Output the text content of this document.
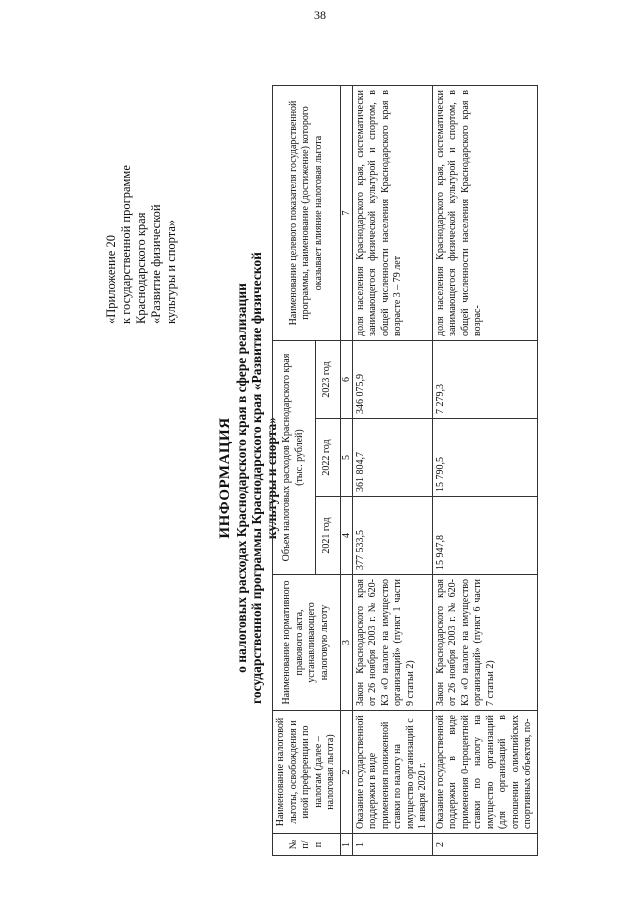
38
«Приложение 20 к государственной программе Краснодарского края «Развитие физической культуры и спорта»
ИНФОРМАЦИЯ о налоговых расходах Краснодарского края в сфере реализации государственной программы Краснодарского края «Развитие физической культуры и спорта»
№ п/п	Наименование налоговой льготы, освобождения и иной преференции по налогам (далее – налоговая льгота)	Наименование нормативного правового акта, устанавливающего налоговую льготу	Объем налоговых расходов Краснодарского края (тыс. рублей)			Наименование целевого показателя государственной программы, наименование (достижение) которого оказывает влияние налоговая льгота
			2021 год	2022 год	2023 год	
1	2	3	4	5	6	7
1	Оказание государственной поддержки в виде применения пониженной ставки по налогу на имущество организаций с 1 января 2020 г.	Закон Краснодарского края от 26 ноября 2003 г. № 620-КЗ «О налоге на имущество организаций» (пункт 1 части 9 статьи 2)	377 533,5	361 804,7	346 075,9	доля населения Краснодарского края, систематически занимающегося физической культурой и спортом, в общей численности населения Краснодарского края в возрасте 3 – 79 лет
2	Оказание государственной поддержки в виде применения 0-процентной ставки по налогу на имущество организаций (для организаций в отношении олимпийских спортивных объектов, по-	Закон Краснодарского края от 26 ноября 2003 г. № 620-КЗ «О налоге на имущество организаций» (пункт 6 части 7 статьи 2)	15 947,8	15 790,5	7 279,3	доля населения Краснодарского края, систематически занимающегося физической культурой и спортом, в общей численности населения Краснодарского края в возрас-
